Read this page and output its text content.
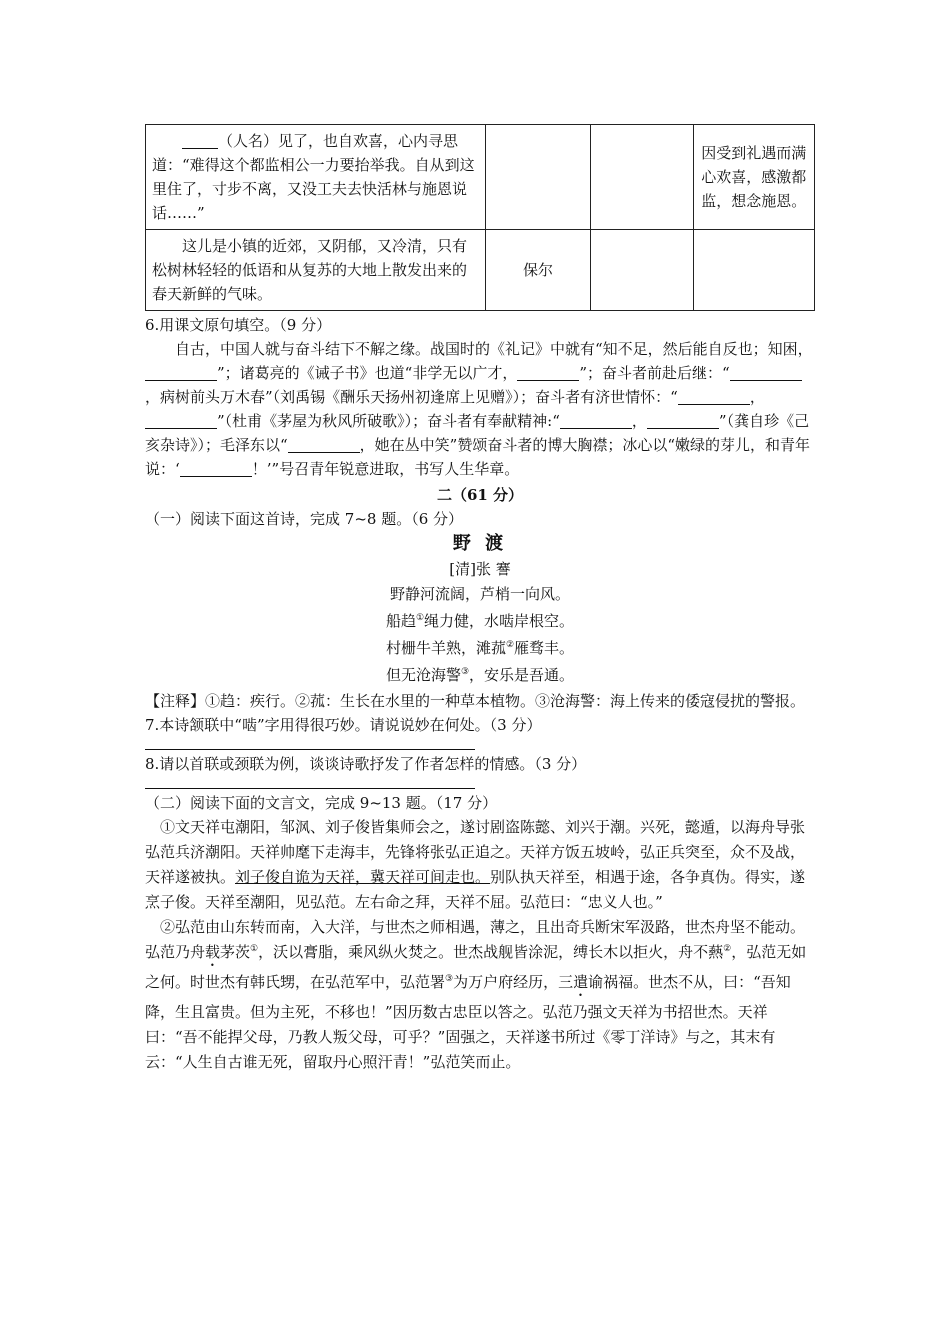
（人名）见了，也自欢喜，心内寻思道：“难得这个都监相公一力要抬举我。自从到这里住了，寸步不离，又没工夫去快活林与施恩说话……”			因受到礼遇而满心欢喜，感激都监，想念施恩。
这儿是小镇的近郊，又阴郁，又冷清，只有松树林轻轻的低语和从复苏的大地上散发出来的春天新鲜的气味。	保尔		

6.用课文原句填空。（9 分）

自古，中国人就与奋斗结下不解之缘。战国时的《礼记》中就有“知不足，然后能自反也；知困，”；诸葛亮的《诫子书》也道“非学无以广才，	”；奋斗者前赴后继：“，病树前头万木春”（刘禹锡《酬乐天扬州初逢席上见赠》）；奋斗者有济世情怀：“	，”（杜甫《茅屋为秋风所破歌》）；奋斗者有奉献精神:“	，	”（龚自珍《己亥杂诗》）；毛泽东以“	，她在丛中笑”赞颂奋斗者的博大胸襟；冰心以“嫩绿的芽儿，和青年说：‘	！’”号召青年锐意进取，书写人生华章。

二（61 分）

（一）阅读下面这首诗，完成 7~8 题。（6 分）

野 渡
[清]张 謇
野静河流阔，芦梢一向风。
船趋①绳力健，水啮岸根空。
村栅牛羊熟，滩菰②雁骛丰。
但无沧海警③，安乐是吾通。

【注释】①趋：疾行。②菰：生长在水里的一种草本植物。③沧海警：海上传来的倭寇侵扰的警报。

7.本诗颔联中“啮”字用得很巧妙。请说说妙在何处。（3 分）

8.请以首联或颈联为例，谈谈诗歌抒发了作者怎样的情感。（3 分）

（二）阅读下面的文言文，完成 9~13 题。（17 分）

①文天祥屯潮阳，邹沨、刘子俊皆集师会之，遂讨剧盗陈懿、刘兴于潮。兴死，懿遁，以海舟导张弘范兵济潮阳。天祥帅麾下走海丰，先锋将张弘正追之。天祥方饭五坡岭，弘正兵突至，众不及战，天祥遂被执。刘子俊自诡为天祥，冀天祥可间走也。别队执天祥至，相遇于途，各争真伪。得实，遂烹子俊。天祥至潮阳，见弘范。左右命之拜，天祥不屈。弘范曰：“忠义人也。”

②弘范由山东转而南，入大洋，与世杰之师相遇，薄之，且出奇兵断宋军汲路，世杰舟坚不能动。弘范乃舟载茅茨①，沃以膏脂，乘风纵火焚之。世杰战舰皆涂泥，缚长木以拒火，舟不爇②，弘范无如之何。时世杰有韩氏甥，在弘范军中，弘范署③为万户府经历，三遣谕祸福。世杰不从，曰：“吾知降，生且富贵。但为主死，不移也！”因历数古忠臣以答之。弘范乃强文天祥为书招世杰。天祥曰：“吾不能捍父母，乃教人叛父母，可乎？”固强之，天祥遂书所过《零丁洋诗》与之，其末有云：“人生自古谁无死，留取丹心照汗青！”弘范笑而止。
